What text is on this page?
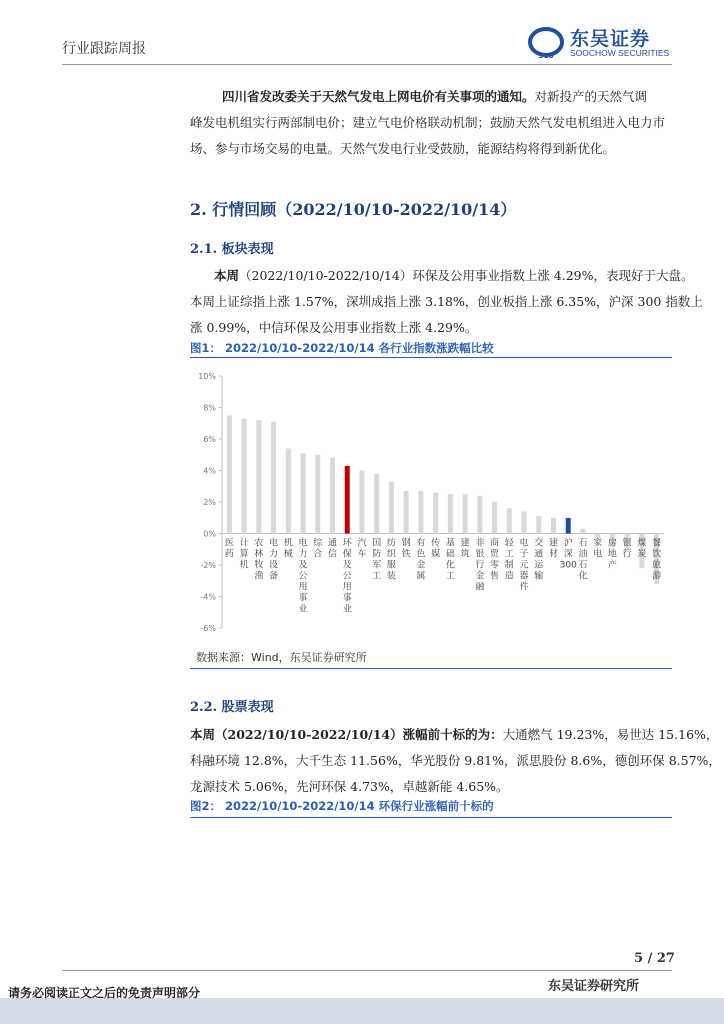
行业跟踪周报	SCS
东吴证券
SOOCHOW SECURITIES
四川省发改委关于天然气发电上网电价有关事项的通知。对新投产的天然气调
峰发电机组实行两部制电价；建立气电价格联动机制；鼓励天然气发电机组进入电力市
场、参与市场交易的电量。天然气发电行业受鼓励，能源结构将得到新优化。
2. 行情回顾（2022/10/10-2022/10/14）
2.1. 板块表现
本周（2022/10/10-2022/10/14）环保及公用事业指数上涨 4.29%，表现好于大盘。
本周上证综指上涨 1.57%，深圳成指上涨 3.18%，创业板指上涨 6.35%，沪深 300 指数上
涨 0.99%，中信环保及公用事业指数上涨 4.29%。
图1： 2022/10/10-2022/10/14 各行业指数涨跌幅比较
-6%
-4%
-2%
0%
2%
4%
6%
8%
10%
医药
计算机
农林牧渔
电力设备
机械
电力及公用事业
综合
通信
环保及公用事业
汽车
国防军工
纺织服装
钢铁
有色金属
传媒
基础化工
建筑
非银行金融
商贸零售
轻工制造
电子元器件
交通运输
建材
沪深 300
石油石化
家电
房地产
银行
煤炭
餐饮旅游
数据来源：Wind，东吴证券研究所
2.2. 股票表现
本周（2022/10/10-2022/10/14）涨幅前十标的为：大通燃气 19.23%，易世达 15.16%，
科融环境 12.8%，大千生态 11.56%，华光股份 9.81%，派思股份 8.6%，德创环保 8.57%，
龙源技术 5.06%，先河环保 4.73%，卓越新能 4.65%。
图2： 2022/10/10-2022/10/14 环保行业涨幅前十标的
5 / 27
东吴证券研究所
请务必阅读正文之后的免责声明部分
